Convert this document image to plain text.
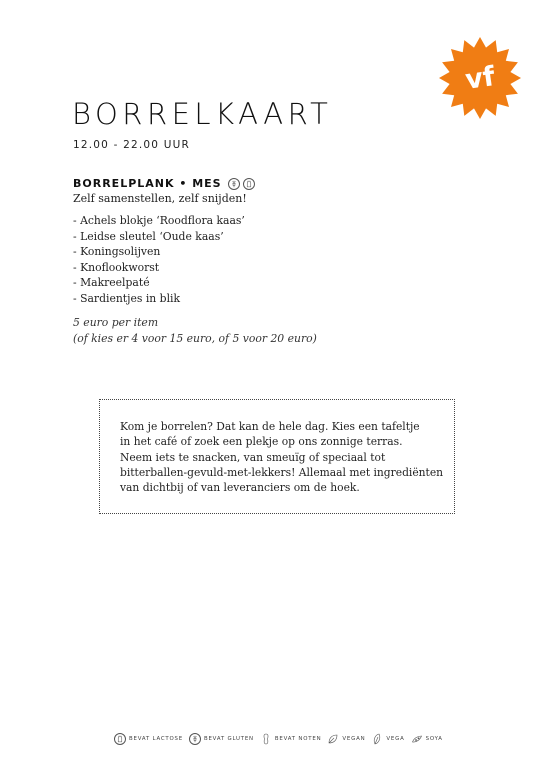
vf
BORRELKAART
12.00 - 22.00 UUR
BORRELPLANK • MES
Zelf samenstellen, zelf snijden!
- Achels blokje ‘Roodflora kaas’
- Leidse sleutel ‘Oude kaas’
- Koningsolijven
- Knoflookworst
- Makreelpaté
- Sardientjes in blik
5 euro per item
(of kies er 4 voor 15 euro, of 5 voor 20 euro)

Kom je borrelen? Dat kan de hele dag. Kies een tafeltje
in het café of zoek een plekje op ons zonnige terras.
Neem iets te snacken, van smeuïg of speciaal tot
bitterballen-gevuld-met-lekkers! Allemaal met ingrediënten
van dichtbij of van leveranciers om de hoek.

BEVAT LACTOSE	BEVAT GLUTEN	BEVAT NOTEN	VEGAN	VEGA	SOYA
